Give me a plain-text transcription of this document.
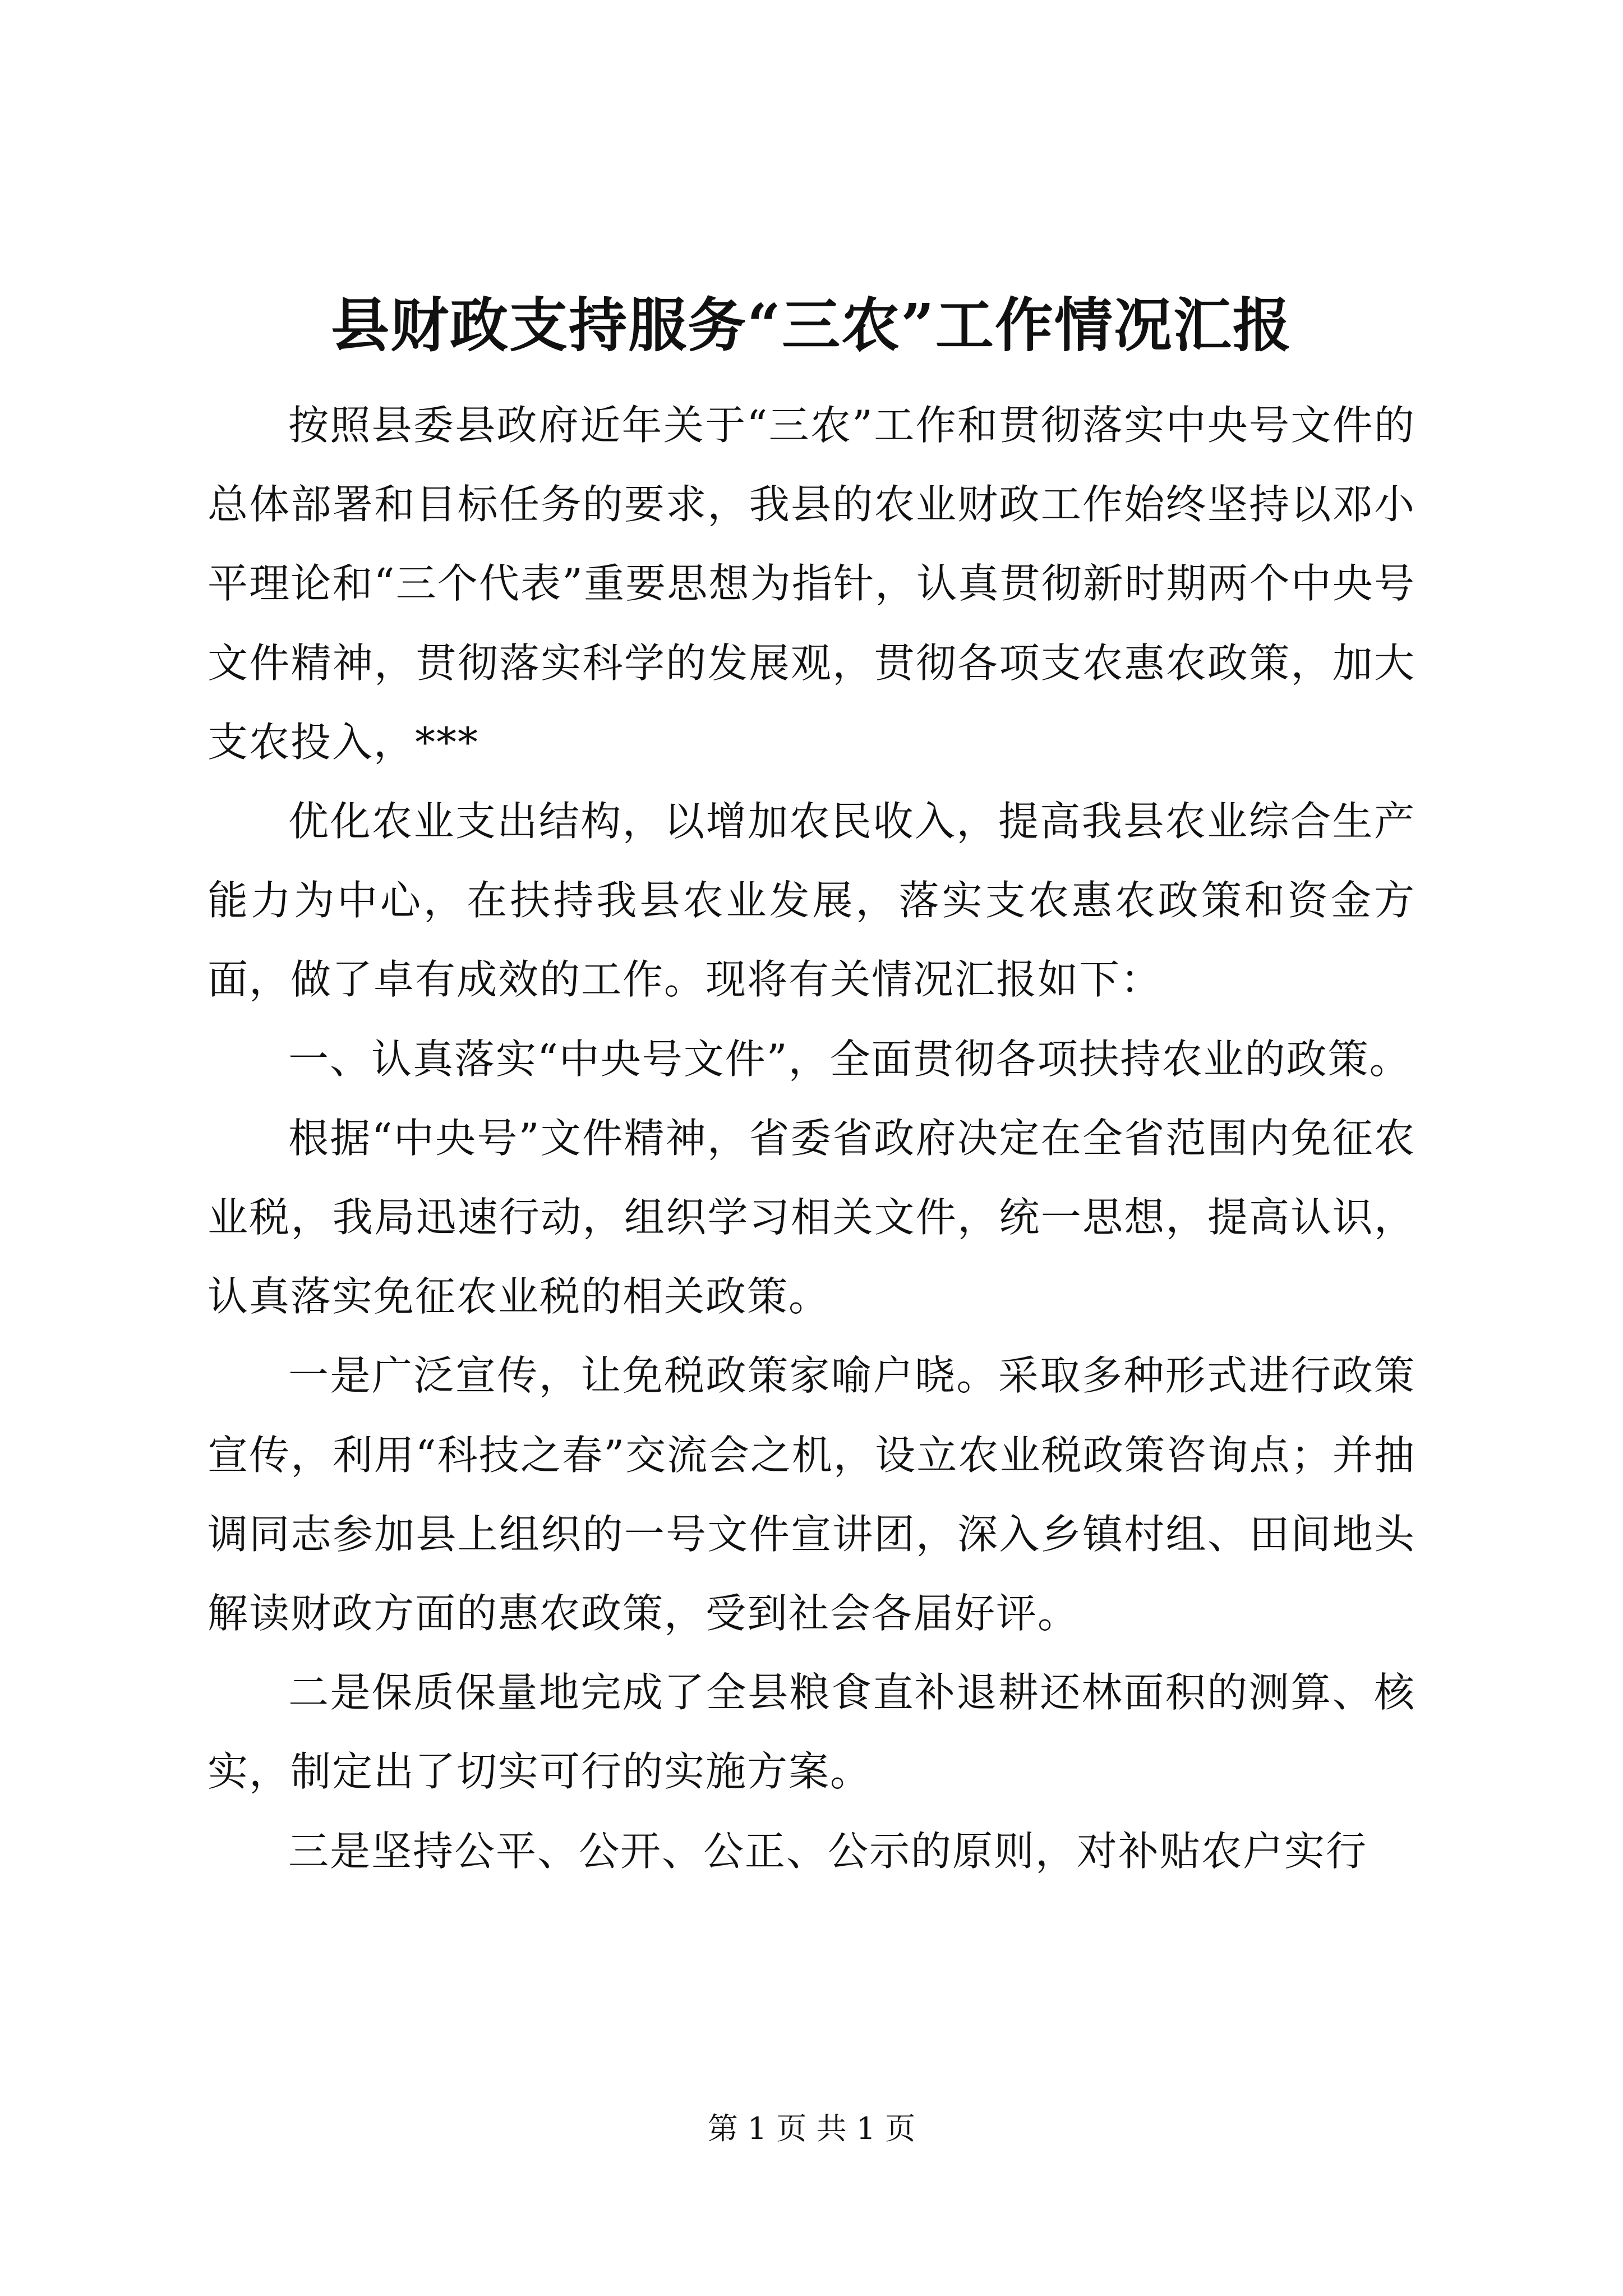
县财政支持服务“三农”工作情况汇报

按照县委县政府近年关于“三农”工作和贯彻落实中央号文件的总体部署和目标任务的要求，我县的农业财政工作始终坚持以邓小平理论和“三个代表”重要思想为指针，认真贯彻新时期两个中央号文件精神，贯彻落实科学的发展观，贯彻各项支农惠农政策，加大支农投入，***

优化农业支出结构，以增加农民收入，提高我县农业综合生产能力为中心，在扶持我县农业发展，落实支农惠农政策和资金方面，做了卓有成效的工作。现将有关情况汇报如下：

一、认真落实“中央号文件”，全面贯彻各项扶持农业的政策。

根据“中央号”文件精神，省委省政府决定在全省范围内免征农业税，我局迅速行动，组织学习相关文件，统一思想，提高认识，认真落实免征农业税的相关政策。

一是广泛宣传，让免税政策家喻户晓。采取多种形式进行政策宣传，利用“科技之春”交流会之机，设立农业税政策咨询点；并抽调同志参加县上组织的一号文件宣讲团，深入乡镇村组、田间地头解读财政方面的惠农政策，受到社会各届好评。

二是保质保量地完成了全县粮食直补退耕还林面积的测算、核实，制定出了切实可行的实施方案。

三是坚持公平、公开、公正、公示的原则，对补贴农户实行

第 1 页 共 1 页
